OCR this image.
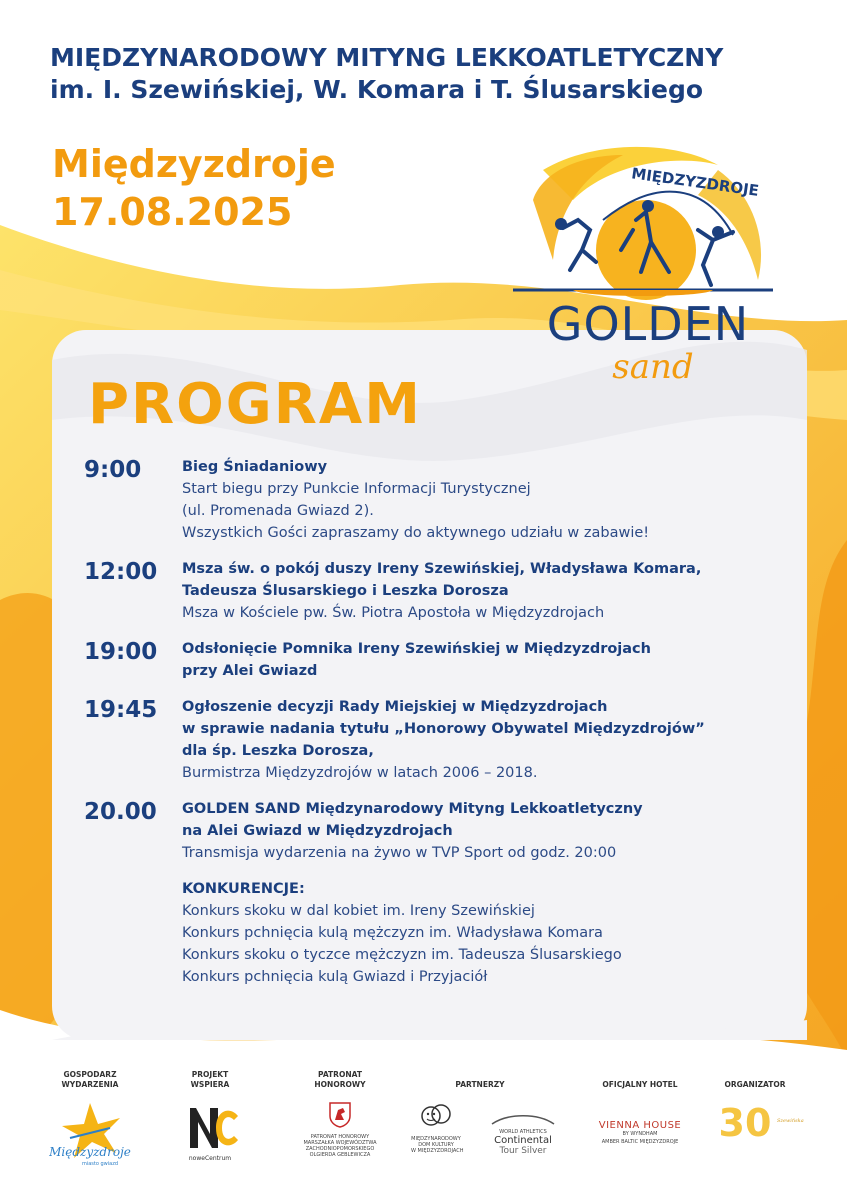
MIĘDZYNARODOWY MITYNG LEKKOATLETYCZNY
im. I. Szewińskiej, W. Komara i T. Ślusarskiego
Międzyzdroje
17.08.2025
MIĘDZYZDROJE
GOLDEN
sand
PROGRAM
9:00	Bieg Śniadaniowy
Start biegu przy Punkcie Informacji Turystycznej
(ul. Promenada Gwiazd 2).
Wszystkich Gości zapraszamy do aktywnego udziału w zabawie!
12:00	Msza św. o pokój duszy Ireny Szewińskiej, Władysława Komara,
Tadeusza Ślusarskiego i Leszka Dorosza
Msza w Kościele pw. Św. Piotra Apostoła w Międzyzdrojach
19:00	Odsłonięcie Pomnika Ireny Szewińskiej w Międzyzdrojach
przy Alei Gwiazd
19:45	Ogłoszenie decyzji Rady Miejskiej w Międzyzdrojach
w sprawie nadania tytułu „Honorowy Obywatel Międzyzdrojów”
dla śp. Leszka Dorosza,
Burmistrza Międzyzdrojów w latach 2006 – 2018.
20.00	GOLDEN SAND Międzynarodowy Mityng Lekkoatletyczny
na Alei Gwiazd w Międzyzdrojach
Transmisja wydarzenia na żywo w TVP Sport od godz. 20:00
KONKURENCJE:
Konkurs skoku w dal kobiet im. Ireny Szewińskiej
Konkurs pchnięcia kulą mężczyzn im. Władysława Komara
Konkurs skoku o tyczce mężczyzn im. Tadeusza Ślusarskiego
Konkurs pchnięcia kulą Gwiazd i Przyjaciół
GOSPODARZ
WYDARZENIA
Międzyzdroje
miasto gwiazd
PROJEKT
WSPIERA
noweCentrum
PATRONAT
HONOROWY
PATRONAT HONOROWY
MARSZAŁKA WOJEWÓDZTWA
ZACHODNIOPOMORSKIEGO
OLGIERDA GEBLEWICZA
PARTNERZY
MIĘDZYNARODOWY
DOM KULTURY
W MIĘDZYZDROJACH
WORLD ATHLETICS
Continental
Tour Silver
OFICJALNY HOTEL
VIENNA HOUSE
BY WYNDHAM
AMBER BALTIC MIĘDZYZDROJE
ORGANIZATOR
30 Szewińska
